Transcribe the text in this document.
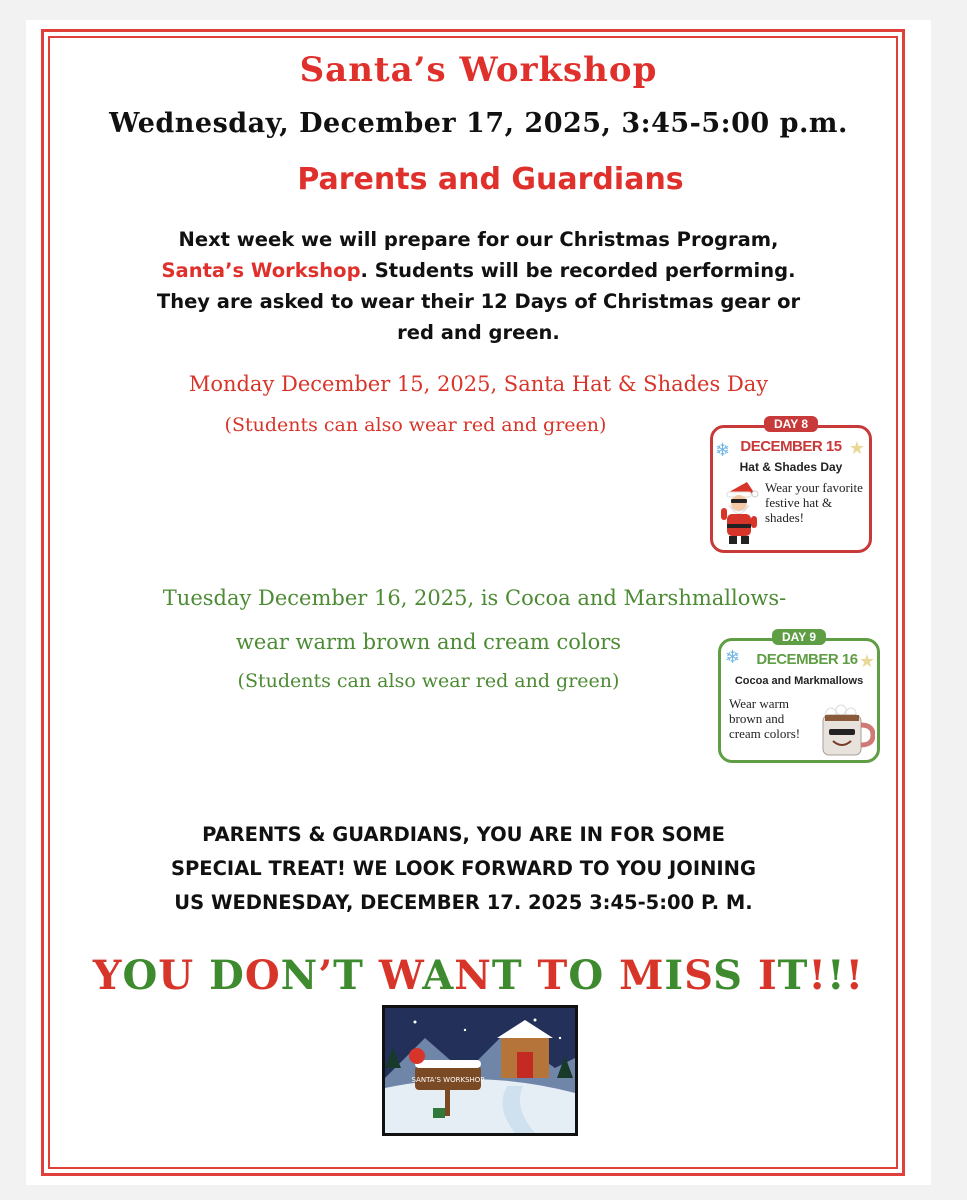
Santa’s Workshop
Wednesday, December 17, 2025, 3:45-5:00 p.m.
Parents and Guardians
Next week we will prepare for our Christmas Program,
Santa’s Workshop. Students will be recorded performing.
They are asked to wear their 12 Days of Christmas gear or
red and green.
Monday December 15, 2025, Santa Hat & Shades Day
(Students can also wear red and green)	DAY 8
❄ DECEMBER 15 ★
Hat & Shades Day
Wear your favorite festive hat & shades!
Tuesday December 16, 2025, is Cocoa and Marshmallows-
wear warm brown and cream colors
(Students can also wear red and green)
DAY 9
❄	DECEMBER 16 ★
Cocoa and Markmallows
Wear warm brown and cream colors!
PARENTS & GUARDIANS, YOU ARE IN FOR SOME
SPECIAL TREAT! WE LOOK FORWARD TO YOU JOINING
US WEDNESDAY, DECEMBER 17. 2025 3:45-5:00 P. M.
YOU DON’T WANT TO MISS IT!!!
SANTA'S WORKSHOP
